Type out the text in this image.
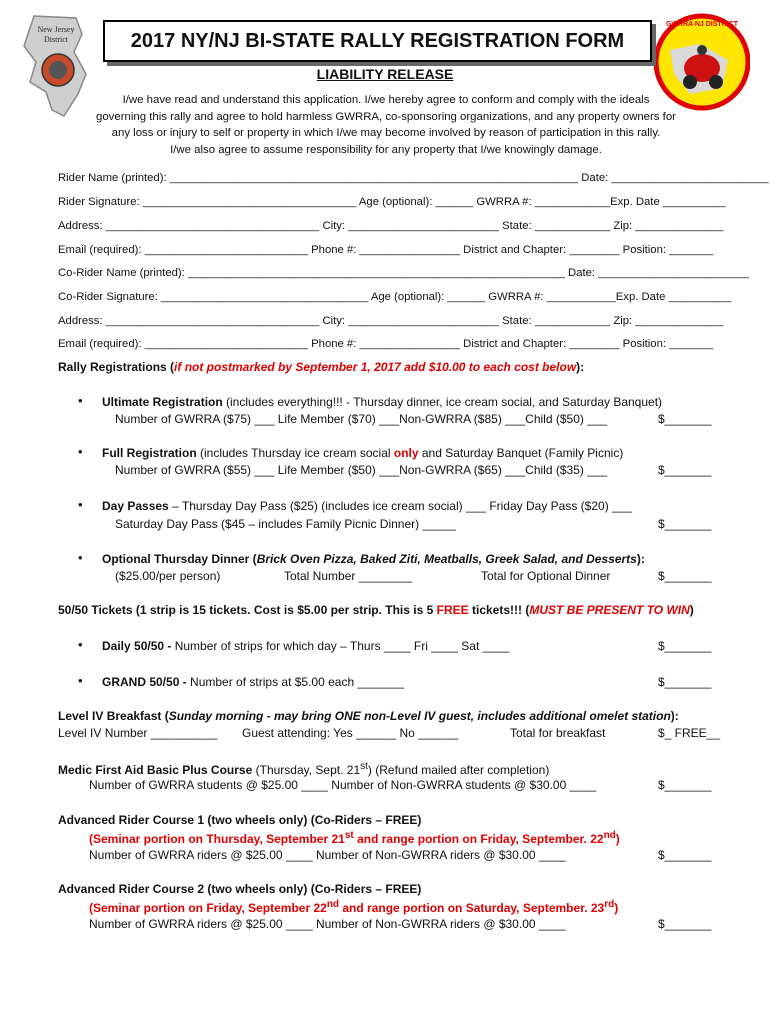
New Jersey
District
GWRRA NJ DISTRICT
2017 NY/NJ BI-STATE RALLY REGISTRATION FORM
LIABILITY RELEASE
I/we have read and understand this application. I/we hereby agree to conform and comply with the ideals
governing this rally and agree to hold harmless GWRRA, co-sponsoring organizations, and any property owners for
any loss or injury to self or property in which I/we may become involved by reason of participation in this rally.
I/we also agree to assume responsibility for any property that I/we knowingly damage.
Rider Name (printed): _________________________________________________________________ Date: _________________________
Rider Signature: __________________________________ Age (optional): ______ GWRRA #: ____________Exp. Date __________
Address: __________________________________ City: ________________________ State: ____________ Zip: ______________
Email (required): __________________________ Phone #: ________________ District and Chapter: ________ Position: _______
Co-Rider Name (printed): ____________________________________________________________ Date: ________________________
Co-Rider Signature: _________________________________ Age (optional): ______ GWRRA #: ___________Exp. Date __________
Address: __________________________________ City: ________________________ State: ____________ Zip: ______________
Email (required): __________________________ Phone #: ________________ District and Chapter: ________ Position: _______
Rally Registrations (if not postmarked by September 1, 2017 add $10.00 to each cost below):
• Ultimate Registration (includes everything!!! - Thursday dinner, ice cream social, and Saturday Banquet)
Number of GWRRA ($75) ___ Life Member ($70) ___Non-GWRRA ($85) ___Child ($50) ___	$_______
• Full Registration (includes Thursday ice cream social only and Saturday Banquet (Family Picnic)
Number of GWRRA ($55) ___ Life Member ($50) ___Non-GWRRA ($65) ___Child ($35) ___	$_______
• Day Passes – Thursday Day Pass ($25) (includes ice cream social) ___ Friday Day Pass ($20) ___
Saturday Day Pass ($45 – includes Family Picnic Dinner) _____	$_______
• Optional Thursday Dinner (Brick Oven Pizza, Baked Ziti, Meatballs, Greek Salad, and Desserts):
($25.00/per person)	Total Number ________	Total for Optional Dinner	$_______
50/50 Tickets (1 strip is 15 tickets. Cost is $5.00 per strip. This is 5 FREE tickets!!! (MUST BE PRESENT TO WIN)
• Daily 50/50 - Number of strips for which day – Thurs ____ Fri ____ Sat ____	$_______
• GRAND 50/50 - Number of strips at $5.00 each _______	$_______
Level IV Breakfast (Sunday morning - may bring ONE non-Level IV guest, includes additional omelet station):
Level IV Number __________ Guest attending: Yes ______ No ______	Total for breakfast	$_ FREE__
Medic First Aid Basic Plus Course (Thursday, Sept. 21st) (Refund mailed after completion)
Number of GWRRA students @ $25.00 ____ Number of Non-GWRRA students @ $30.00 ____	$_______
Advanced Rider Course 1 (two wheels only) (Co-Riders – FREE)
(Seminar portion on Thursday, September 21st and range portion on Friday, September. 22nd)
Number of GWRRA riders @ $25.00 ____ Number of Non-GWRRA riders @ $30.00 ____	$_______
Advanced Rider Course 2 (two wheels only) (Co-Riders – FREE)
(Seminar portion on Friday, September 22nd and range portion on Saturday, September. 23rd)
Number of GWRRA riders @ $25.00 ____ Number of Non-GWRRA riders @ $30.00 ____	$_______
